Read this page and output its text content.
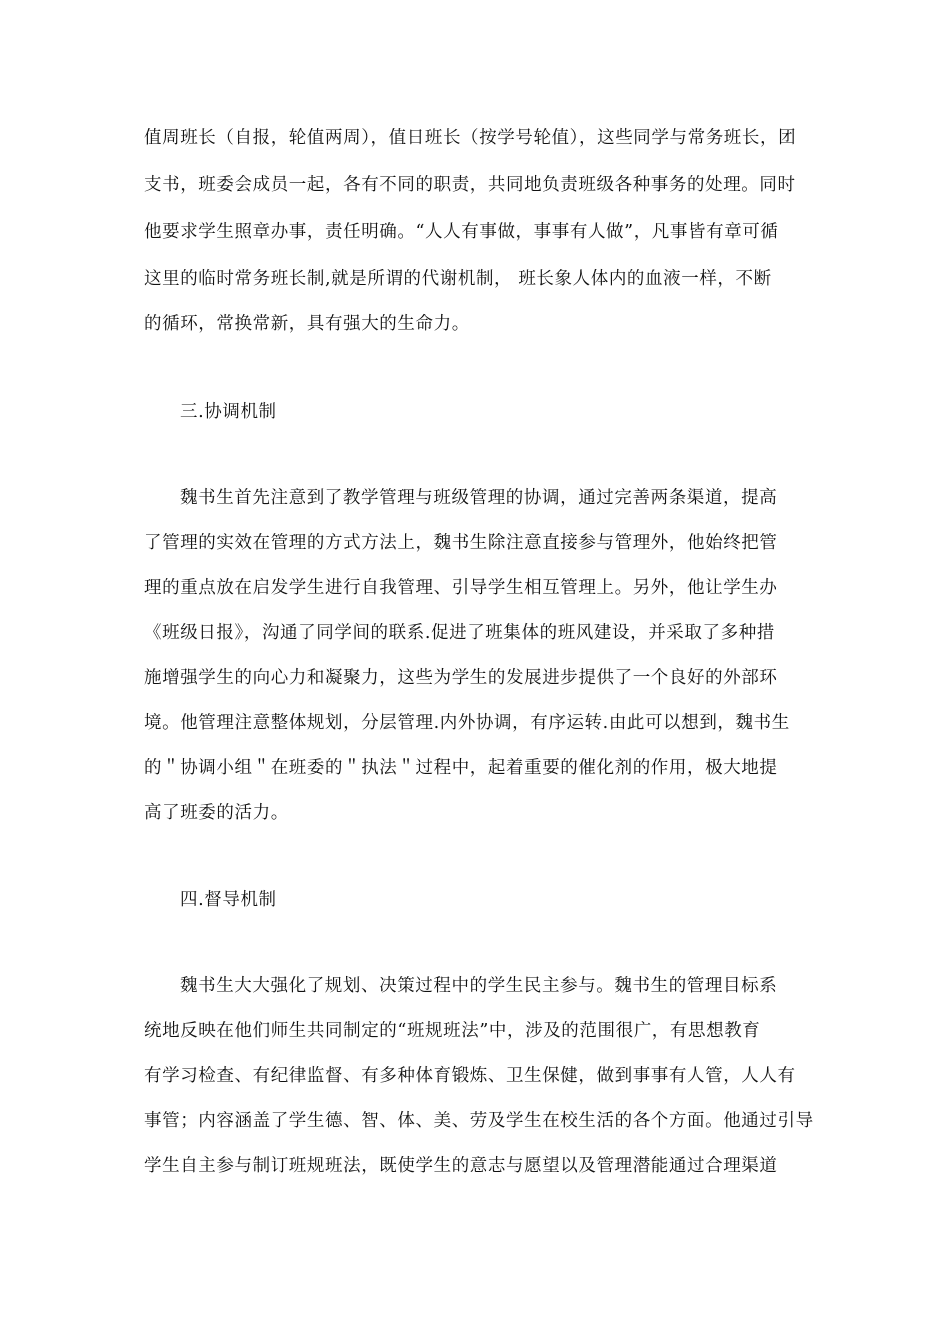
值周班长（自报，轮值两周），值日班长（按学号轮值），这些同学与常务班长，团
支书，班委会成员一起，各有不同的职责，共同地负责班级各种事务的处理。同时
他要求学生照章办事，责任明确。“人人有事做，事事有人做”，凡事皆有章可循
这里的临时常务班长制,就是所谓的代谢机制， 班长象人体内的血液一样，不断
的循环，常换常新，具有强大的生命力。
三.协调机制
魏书生首先注意到了教学管理与班级管理的协调，通过完善两条渠道，提高
了管理的实效在管理的方式方法上，魏书生除注意直接参与管理外，他始终把管
理的重点放在启发学生进行自我管理、引导学生相互管理上。另外，他让学生办
《班级日报》，沟通了同学间的联系.促进了班集体的班风建设，并采取了多种措
施增强学生的向心力和凝聚力，这些为学生的发展进步提供了一个良好的外部环
境。他管理注意整体规划，分层管理.内外协调，有序运转.由此可以想到，魏书生
的＂协调小组＂在班委的＂执法＂过程中，起着重要的催化剂的作用，极大地提
高了班委的活力。
四.督导机制
魏书生大大强化了规划、决策过程中的学生民主参与。魏书生的管理目标系
统地反映在他们师生共同制定的“班规班法”中，涉及的范围很广，有思想教育
有学习检查、有纪律监督、有多种体育锻炼、卫生保健，做到事事有人管，人人有
事管；内容涵盖了学生德、智、体、美、劳及学生在校生活的各个方面。他通过引导
学生自主参与制订班规班法，既使学生的意志与愿望以及管理潜能通过合理渠道
